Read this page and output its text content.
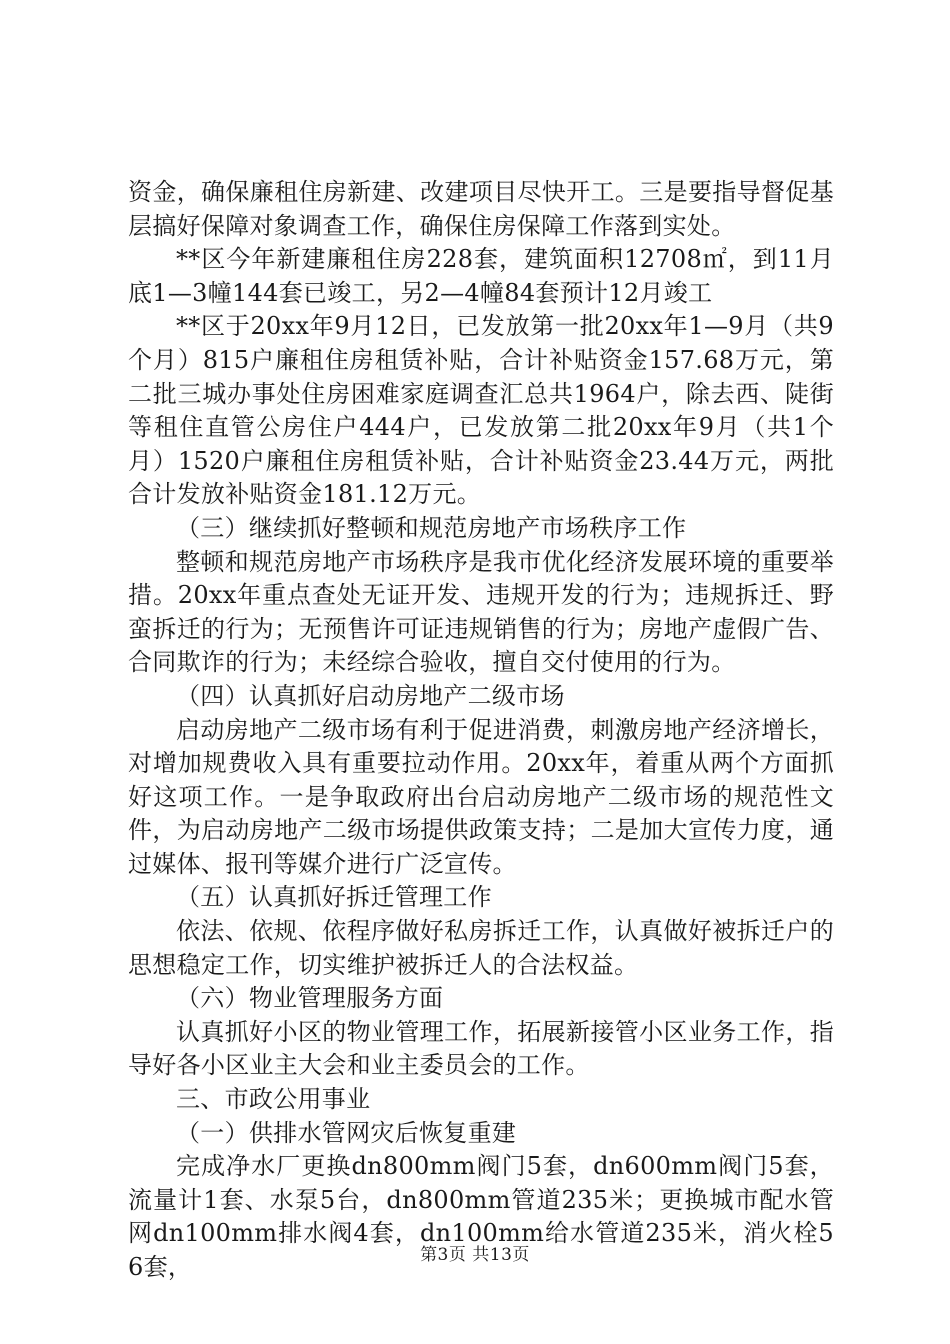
资金，确保廉租住房新建、改建项目尽快开工。三是要指导督促基层搞好保障对象调查工作，确保住房保障工作落到实处。

**区今年新建廉租住房228套，建筑面积12708㎡，到11月底1—3幢144套已竣工，另2—4幢84套预计12月竣工

**区于20xx年9月12日，已发放第一批20xx年1—9月（共9个月）815户廉租住房租赁补贴，合计补贴资金157.68万元，第二批三城办事处住房困难家庭调查汇总共1964户，除去西、陡街等租住直管公房住户444户，已发放第二批20xx年9月（共1个月）1520户廉租住房租赁补贴，合计补贴资金23.44万元，两批合计发放补贴资金181.12万元。

（三）继续抓好整顿和规范房地产市场秩序工作

整顿和规范房地产市场秩序是我市优化经济发展环境的重要举措。20xx年重点查处无证开发、违规开发的行为；违规拆迁、野蛮拆迁的行为；无预售许可证违规销售的行为；房地产虚假广告、合同欺诈的行为；未经综合验收，擅自交付使用的行为。

（四）认真抓好启动房地产二级市场

启动房地产二级市场有利于促进消费，刺激房地产经济增长，对增加规费收入具有重要拉动作用。20xx年，着重从两个方面抓好这项工作。一是争取政府出台启动房地产二级市场的规范性文件，为启动房地产二级市场提供政策支持；二是加大宣传力度，通过媒体、报刊等媒介进行广泛宣传。

（五）认真抓好拆迁管理工作

依法、依规、依程序做好私房拆迁工作，认真做好被拆迁户的思想稳定工作，切实维护被拆迁人的合法权益。

（六）物业管理服务方面

认真抓好小区的物业管理工作，拓展新接管小区业务工作，指导好各小区业主大会和业主委员会的工作。

三、市政公用事业

（一）供排水管网灾后恢复重建

完成净水厂更换dn800mm阀门5套，dn600mm阀门5套，流量计1套、水泵5台，dn800mm管道235米；更换城市配水管网dn100mm排水阀4套，dn100mm给水管道235米，消火栓56套，	第3页 共13页
